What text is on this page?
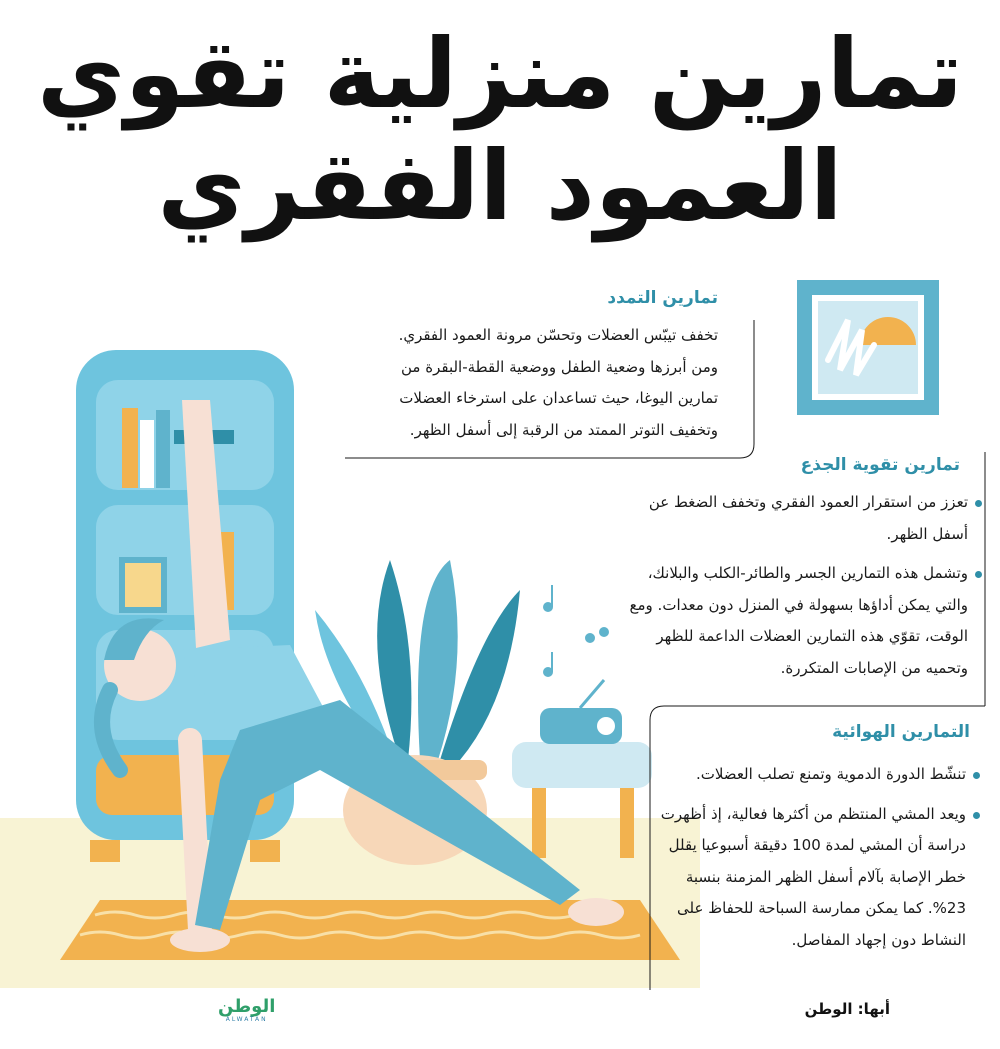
تمارين منزلية تقوي
العمود الفقري
تمارين التمدد
تخفف تيبّس العضلات وتحسّن مرونة العمود الفقري.
ومن أبرزها وضعية الطفل ووضعية القطة-البقرة من
تمارين اليوغا، حيث تساعدان على استرخاء العضلات
وتخفيف التوتر الممتد من الرقبة إلى أسفل الظهر.
تمارين تقوية الجذع
تعزز من استقرار العمود الفقري وتخفف الضغط عن أسفل الظهر.
وتشمل هذه التمارين الجسر والطائر-الكلب والبلانك، والتي يمكن أداؤها بسهولة في المنزل دون معدات. ومع الوقت، تقوّي هذه التمارين العضلات الداعمة للظهر وتحميه من الإصابات المتكررة.
التمارين الهوائية
تنشّط الدورة الدموية وتمنع تصلب العضلات.
ويعد المشي المنتظم من أكثرها فعالية، إذ أظهرت دراسة أن المشي لمدة 100 دقيقة أسبوعيا يقلل خطر الإصابة بآلام أسفل الظهر المزمنة بنسبة 23%. كما يمكن ممارسة السباحة للحفاظ على النشاط دون إجهاد المفاصل.
أبها: الوطن
الوطن
ALWATAN
